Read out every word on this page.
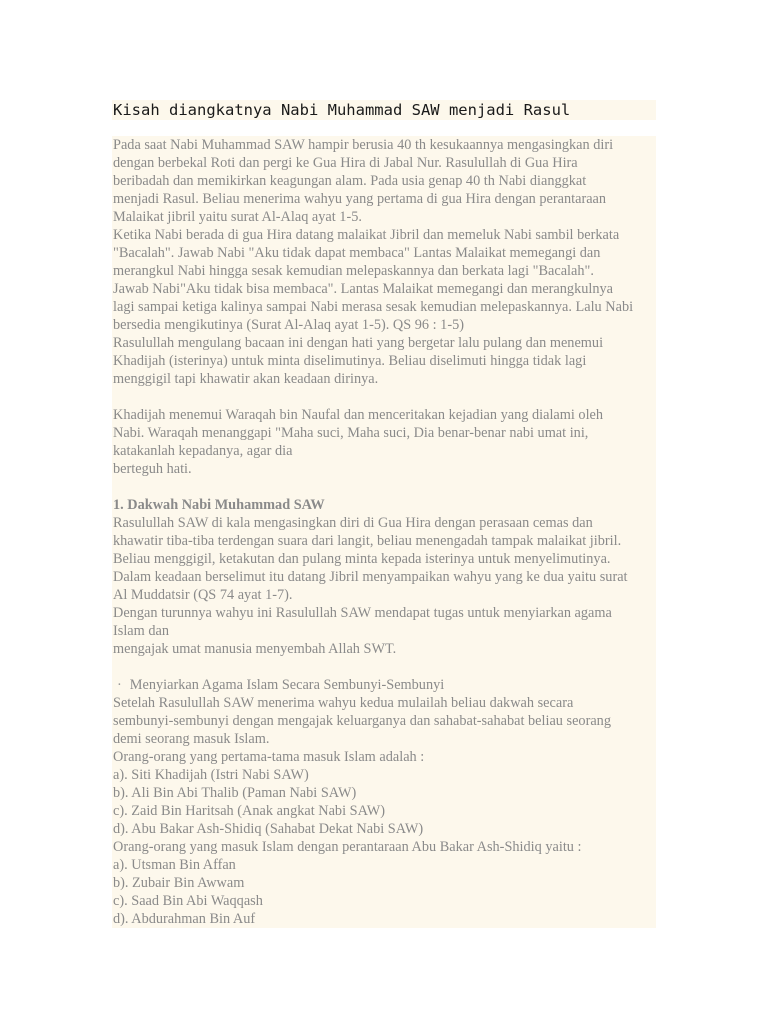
Kisah diangkatnya Nabi Muhammad SAW menjadi Rasul
Pada saat Nabi Muhammad SAW hampir berusia 40 th kesukaannya mengasingkan diri
dengan berbekal Roti dan pergi ke Gua Hira di Jabal Nur. Rasulullah di Gua Hira
beribadah dan memikirkan keagungan alam. Pada usia genap 40 th Nabi dianggkat
menjadi Rasul. Beliau menerima wahyu yang pertama di gua Hira dengan perantaraan
Malaikat jibril yaitu surat Al-Alaq ayat 1-5.
Ketika Nabi berada di gua Hira datang malaikat Jibril dan memeluk Nabi sambil berkata
"Bacalah". Jawab Nabi "Aku tidak dapat membaca" Lantas Malaikat memegangi dan
merangkul Nabi hingga sesak kemudian melepaskannya dan berkata lagi "Bacalah".
Jawab Nabi"Aku tidak bisa membaca". Lantas Malaikat memegangi dan merangkulnya
lagi sampai ketiga kalinya sampai Nabi merasa sesak kemudian melepaskannya. Lalu Nabi
bersedia mengikutinya (Surat Al-Alaq ayat 1-5). QS 96 : 1-5)
Rasulullah mengulang bacaan ini dengan hati yang bergetar lalu pulang dan menemui
Khadijah (isterinya) untuk minta diselimutinya. Beliau diselimuti hingga tidak lagi
menggigil tapi khawatir akan keadaan dirinya.
Khadijah menemui Waraqah bin Naufal dan menceritakan kejadian yang dialami oleh
Nabi. Waraqah menanggapi "Maha suci, Maha suci, Dia benar-benar nabi umat ini,
katakanlah kepadanya, agar dia
berteguh hati.
1. Dakwah Nabi Muhammad SAW
Rasulullah SAW di kala mengasingkan diri di Gua Hira dengan perasaan cemas dan
khawatir tiba-tiba terdengan suara dari langit, beliau menengadah tampak malaikat jibril.
Beliau menggigil, ketakutan dan pulang minta kepada isterinya untuk menyelimutinya.
Dalam keadaan berselimut itu datang Jibril menyampaikan wahyu yang ke dua yaitu surat
Al Muddatsir (QS 74 ayat 1-7).
Dengan turunnya wahyu ini Rasulullah SAW mendapat tugas untuk menyiarkan agama
Islam dan
mengajak umat manusia menyembah Allah SWT.
· Menyiarkan Agama Islam Secara Sembunyi-Sembunyi
Setelah Rasulullah SAW menerima wahyu kedua mulailah beliau dakwah secara
sembunyi-sembunyi dengan mengajak keluarganya dan sahabat-sahabat beliau seorang
demi seorang masuk Islam.
Orang-orang yang pertama-tama masuk Islam adalah :
a). Siti Khadijah (Istri Nabi SAW)
b). Ali Bin Abi Thalib (Paman Nabi SAW)
c). Zaid Bin Haritsah (Anak angkat Nabi SAW)
d). Abu Bakar Ash-Shidiq (Sahabat Dekat Nabi SAW)
Orang-orang yang masuk Islam dengan perantaraan Abu Bakar Ash-Shidiq yaitu :
a). Utsman Bin Affan
b). Zubair Bin Awwam
c). Saad Bin Abi Waqqash
d). Abdurahman Bin Auf
